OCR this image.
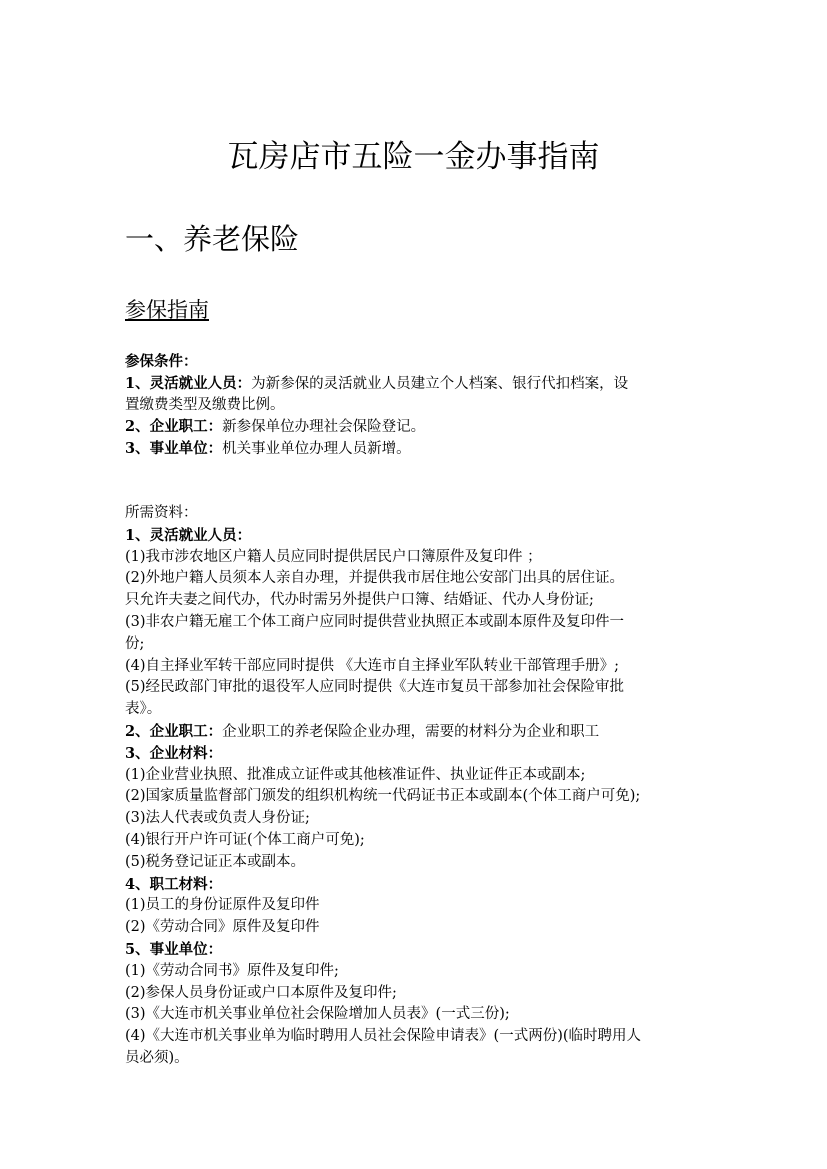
瓦房店市五险一金办事指南
一、养老保险
参保指南
参保条件：
1、灵活就业人员：为新参保的灵活就业人员建立个人档案、银行代扣档案，设
置缴费类型及缴费比例。
2、企业职工：新参保单位办理社会保险登记。
3、事业单位：机关事业单位办理人员新增。
所需资料：
1、灵活就业人员：
(1)我市涉农地区户籍人员应同时提供居民户口簿原件及复印件 ；
(2)外地户籍人员须本人亲自办理，并提供我市居住地公安部门出具的居住证。
只允许夫妻之间代办，代办时需另外提供户口簿、结婚证、代办人身份证;
(3)非农户籍无雇工个体工商户应同时提供营业执照正本或副本原件及复印件一
份;
(4)自主择业军转干部应同时提供 《大连市自主择业军队转业干部管理手册》;
(5)经民政部门审批的退役军人应同时提供《大连市复员干部参加社会保险审批
表》。
2、企业职工：企业职工的养老保险企业办理，需要的材料分为企业和职工
3、企业材料：
(1)企业营业执照、批准成立证件或其他核准证件、执业证件正本或副本;
(2)国家质量监督部门颁发的组织机构统一代码证书正本或副本(个体工商户可免);
(3)法人代表或负责人身份证;
(4)银行开户许可证(个体工商户可免);
(5)税务登记证正本或副本。
4、职工材料：
(1)员工的身份证原件及复印件
(2)《劳动合同》原件及复印件
5、事业单位：
(1)《劳动合同书》原件及复印件;
(2)参保人员身份证或户口本原件及复印件;
(3)《大连市机关事业单位社会保险增加人员表》(一式三份);
(4)《大连市机关事业单为临时聘用人员社会保险申请表》(一式两份)(临时聘用人
员必须)。
